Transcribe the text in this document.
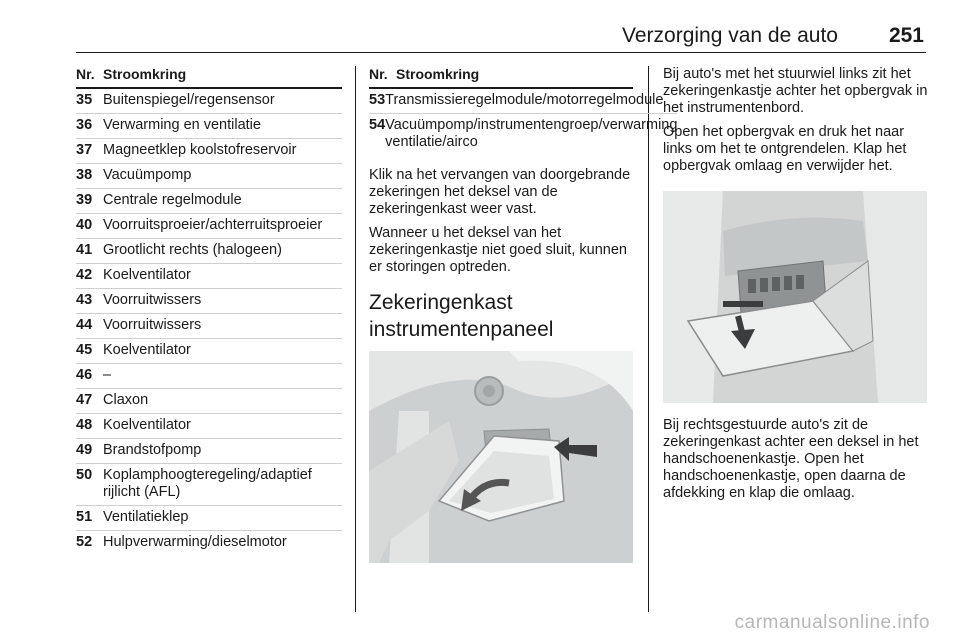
Verzorging van de auto 251
Nr. Stroomkring
35	Buitenspiegel/regensensor
36	Verwarming en ventilatie
37	Magneetklep koolstofreservoir
38	Vacuümpomp
39	Centrale regelmodule
40	Voorruitsproeier/achterruitsproeier
41	Grootlicht rechts (halogeen)
42	Koelventilator
43	Voorruitwissers
44	Voorruitwissers
45	Koelventilator
46	–
47	Claxon
48	Koelventilator
49	Brandstofpomp
50	Koplamphoogteregeling/adaptief rijlicht (AFL)
51	Ventilatieklep
52	Hulpverwarming/dieselmotor
Nr. Stroomkring
53	Transmissieregelmodule/motorregelmodule
54	Vacuümpomp/instrumentengroep/verwarming ventilatie/airco

Klik na het vervangen van doorgebrande zekeringen het deksel van de zekeringenkast weer vast.

Wanneer u het deksel van het zekeringenkastje niet goed sluit, kunnen er storingen optreden.

Zekeringenkast instrumentenpaneel

Bij auto's met het stuurwiel links zit het zekeringenkastje achter het opbergvak in het instrumentenbord.

Open het opbergvak en druk het naar links om het te ontgrendelen. Klap het opbergvak omlaag en verwijder het.

Bij rechtsgestuurde auto's zit de zekeringenkast achter een deksel in het handschoenenkastje. Open het handschoenenkastje, open daarna de afdekking en klap die omlaag.

carmanualsonline.info
